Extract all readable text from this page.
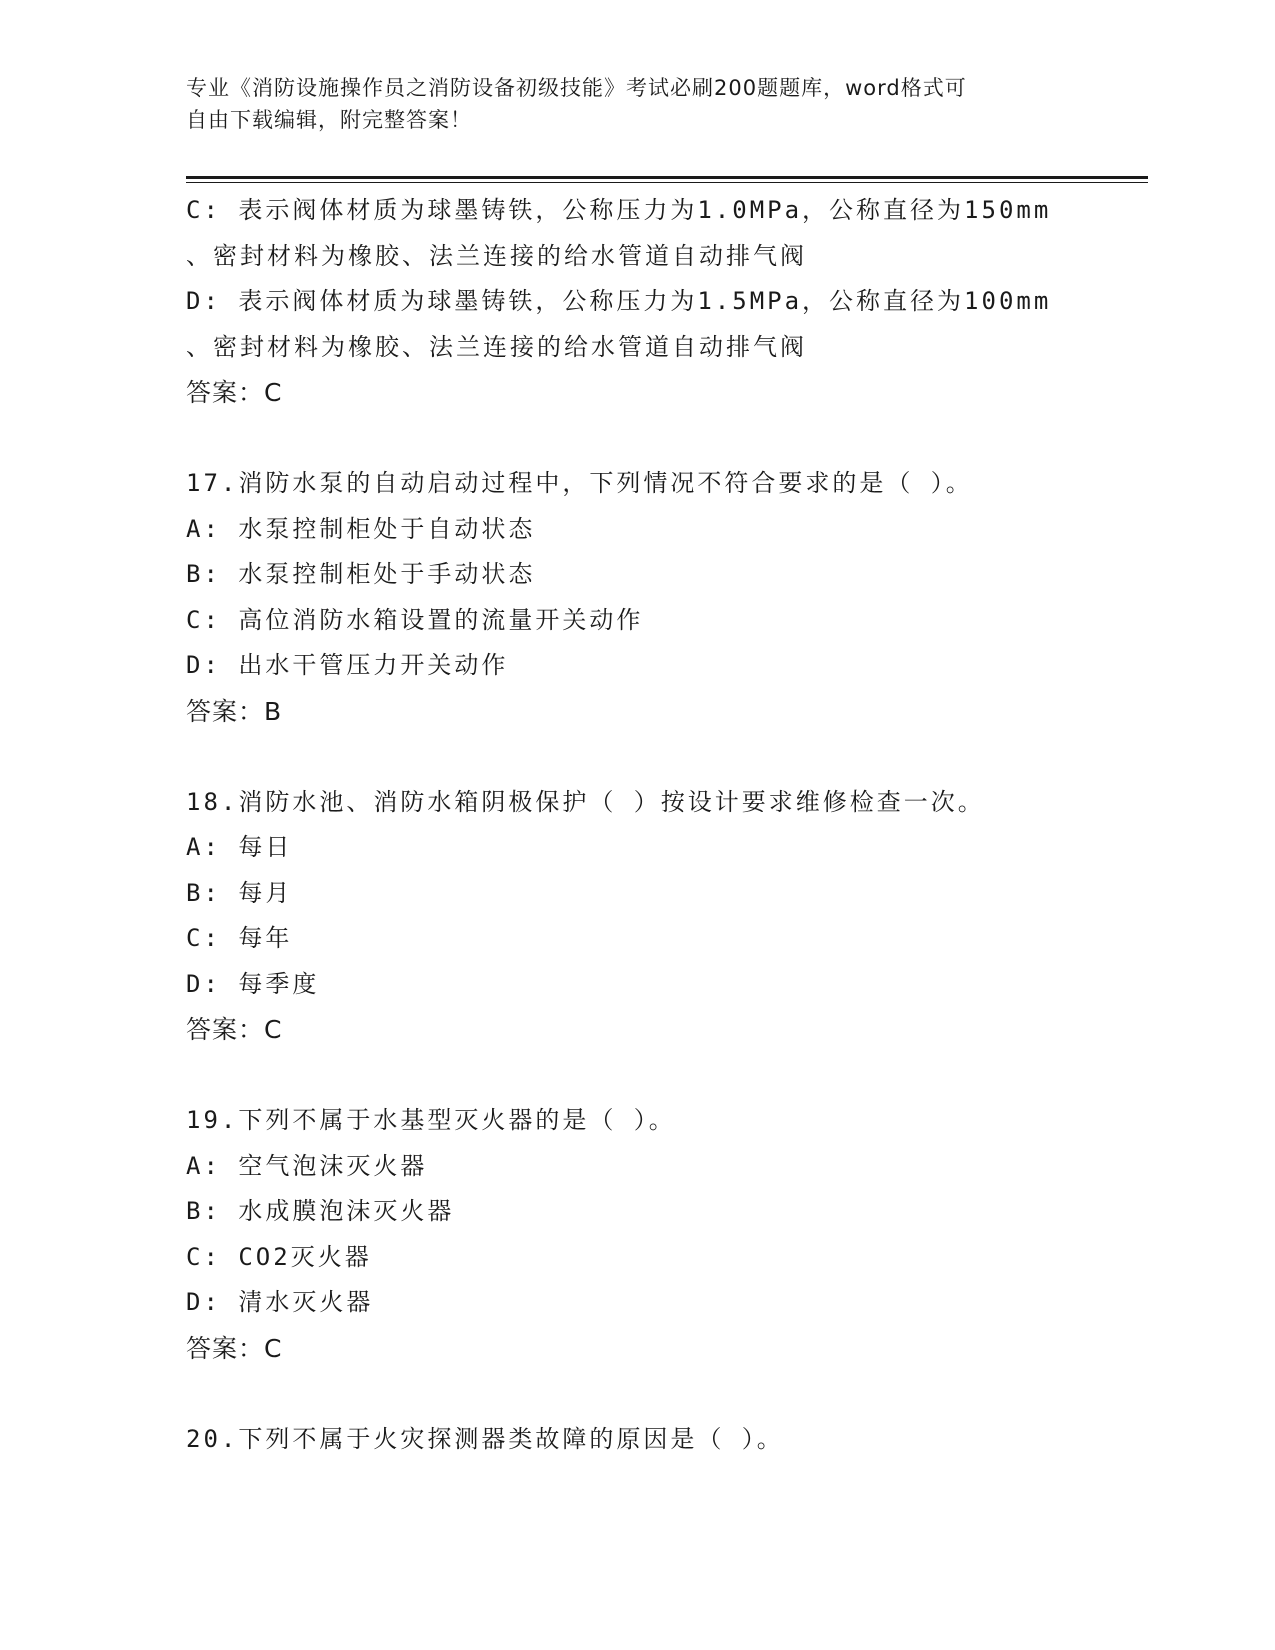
专业《消防设施操作员之消防设备初级技能》考试必刷200题题库，word格式可
自由下载编辑，附完整答案！
C: 表示阀体材质为球墨铸铁，公称压力为1.0MPa，公称直径为150mm
、密封材料为橡胶、法兰连接的给水管道自动排气阀
D: 表示阀体材质为球墨铸铁，公称压力为1.5MPa，公称直径为100mm
、密封材料为橡胶、法兰连接的给水管道自动排气阀
答案：C
17.消防水泵的自动启动过程中，下列情况不符合要求的是（ ）。
A: 水泵控制柜处于自动状态
B: 水泵控制柜处于手动状态
C: 高位消防水箱设置的流量开关动作
D: 出水干管压力开关动作
答案：B
18.消防水池、消防水箱阴极保护（ ）按设计要求维修检查一次。
A: 每日
B: 每月
C: 每年
D: 每季度
答案：C
19.下列不属于水基型灭火器的是（ ）。
A: 空气泡沫灭火器
B: 水成膜泡沫灭火器
C: CO2灭火器
D: 清水灭火器
答案：C
20.下列不属于火灾探测器类故障的原因是（ ）。
